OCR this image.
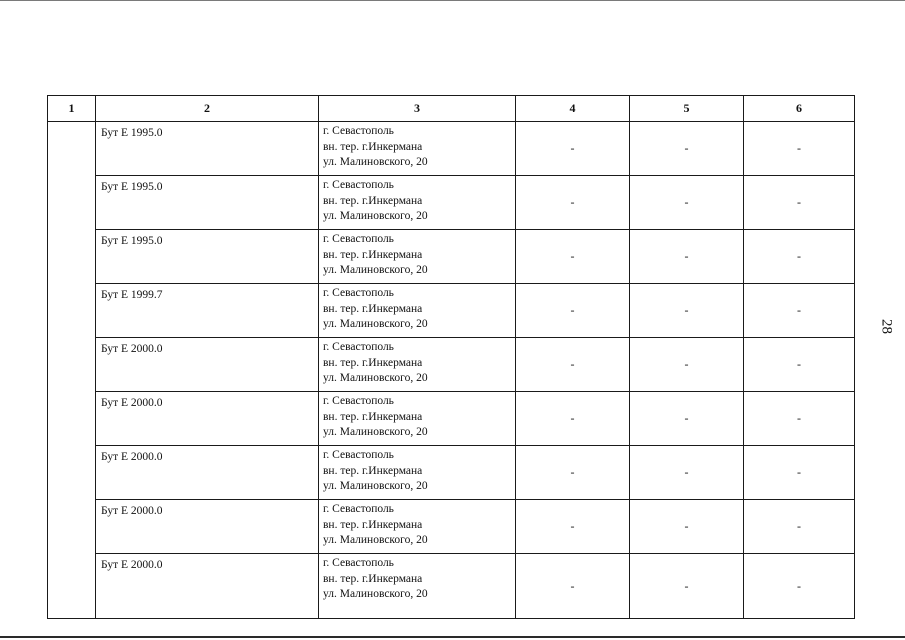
1	2	3	4	5	6
	Бут Е 1995.0	г. Севастополь
вн. тер. г.Инкермана
ул. Малиновского, 20	-	-	-
	Бут Е 1995.0	г. Севастополь
вн. тер. г.Инкермана
ул. Малиновского, 20	-	-	-
	Бут Е 1995.0	г. Севастополь
вн. тер. г.Инкермана
ул. Малиновского, 20	-	-	-
	Бут Е 1999.7	г. Севастополь
вн. тер. г.Инкермана
ул. Малиновского, 20	-	-	-
	Бут Е 2000.0	г. Севастополь
вн. тер. г.Инкермана
ул. Малиновского, 20	-	-	-
	Бут Е 2000.0	г. Севастополь
вн. тер. г.Инкермана
ул. Малиновского, 20	-	-	-
	Бут Е 2000.0	г. Севастополь
вн. тер. г.Инкермана
ул. Малиновского, 20	-	-	-
	Бут Е 2000.0	г. Севастополь
вн. тер. г.Инкермана
ул. Малиновского, 20	-	-	-
	Бут Е 2000.0	г. Севастополь
вн. тер. г.Инкермана
ул. Малиновского, 20	-	-	-
28
